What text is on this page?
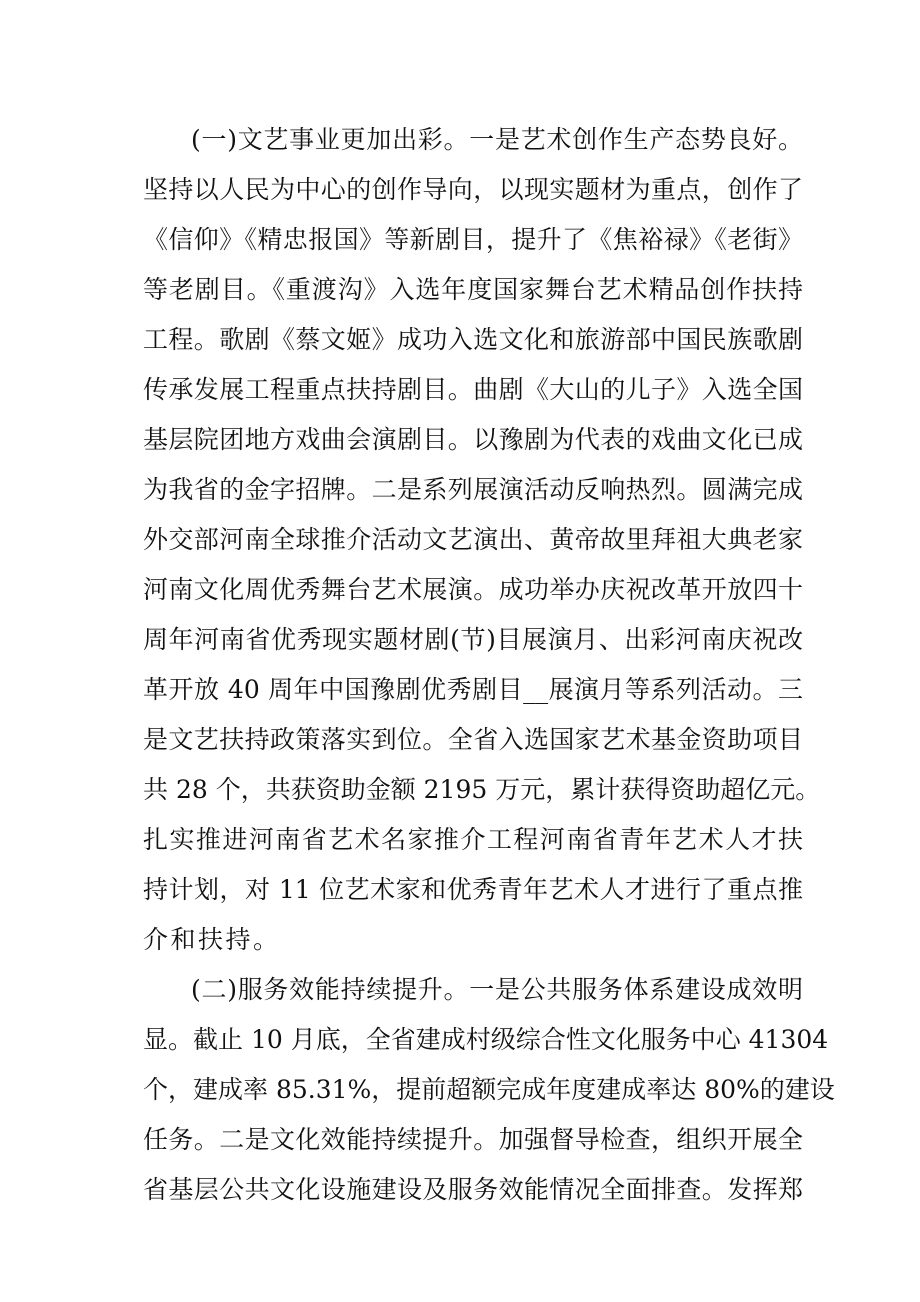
(一)文艺事业更加出彩。一是艺术创作生产态势良好。
坚持以人民为中心的创作导向，以现实题材为重点，创作了
《信仰》《精忠报国》等新剧目，提升了《焦裕禄》《老街》
等老剧目。《重渡沟》入选年度国家舞台艺术精品创作扶持
工程。歌剧《蔡文姬》成功入选文化和旅游部中国民族歌剧
传承发展工程重点扶持剧目。曲剧《大山的儿子》入选全国
基层院团地方戏曲会演剧目。以豫剧为代表的戏曲文化已成
为我省的金字招牌。二是系列展演活动反响热烈。圆满完成
外交部河南全球推介活动文艺演出、黄帝故里拜祖大典老家
河南文化周优秀舞台艺术展演。成功举办庆祝改革开放四十
周年河南省优秀现实题材剧(节)目展演月、出彩河南庆祝改
革开放 40 周年中国豫剧优秀剧目__展演月等系列活动。三
是文艺扶持政策落实到位。全省入选国家艺术基金资助项目
共 28 个，共获资助金额 2195 万元，累计获得资助超亿元。
扎实推进河南省艺术名家推介工程河南省青年艺术人才扶
持计划，对 11 位艺术家和优秀青年艺术人才进行了重点推
介和扶持。
(二)服务效能持续提升。一是公共服务体系建设成效明
显。截止 10 月底，全省建成村级综合性文化服务中心 41304
个，建成率 85.31%，提前超额完成年度建成率达 80%的建设
任务。二是文化效能持续提升。加强督导检查，组织开展全
省基层公共文化设施建设及服务效能情况全面排查。发挥郑
